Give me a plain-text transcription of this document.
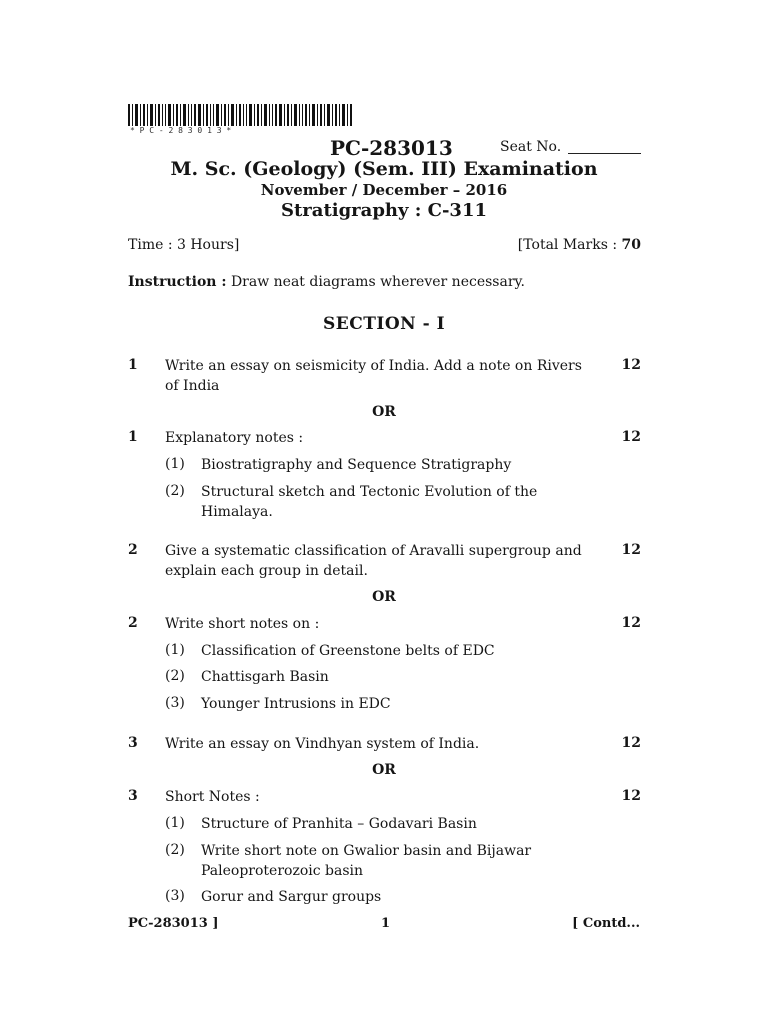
* P C - 2 8 3 0 1 3 *
PC-283013	Seat No.
M. Sc. (Geology) (Sem. III) Examination
November / December – 2016
Stratigraphy : C-311
Time : 3 Hours]	[Total Marks : 70
Instruction : Draw neat diagrams wherever necessary.
SECTION - I
1 Write an essay on seismicity of India. Add a note on Rivers of India
12
OR
1 Explanatory notes :	12
(1) Biostratigraphy and Sequence Stratigraphy
(2) Structural sketch and Tectonic Evolution of the Himalaya.
2 Give a systematic classification of Aravalli supergroup and explain each group in detail.
12
OR
2 Write short notes on :	12
(1) Classification of Greenstone belts of EDC
(2) Chattisgarh Basin
(3) Younger Intrusions in EDC
3 Write an essay on Vindhyan system of India.	12
OR
3 Short Notes :	12
(1) Structure of Pranhita – Godavari Basin
(2) Write short note on Gwalior basin and Bijawar Paleoproterozoic basin
(3) Gorur and Sargur groups
PC-283013 ]	1	[ Contd...
